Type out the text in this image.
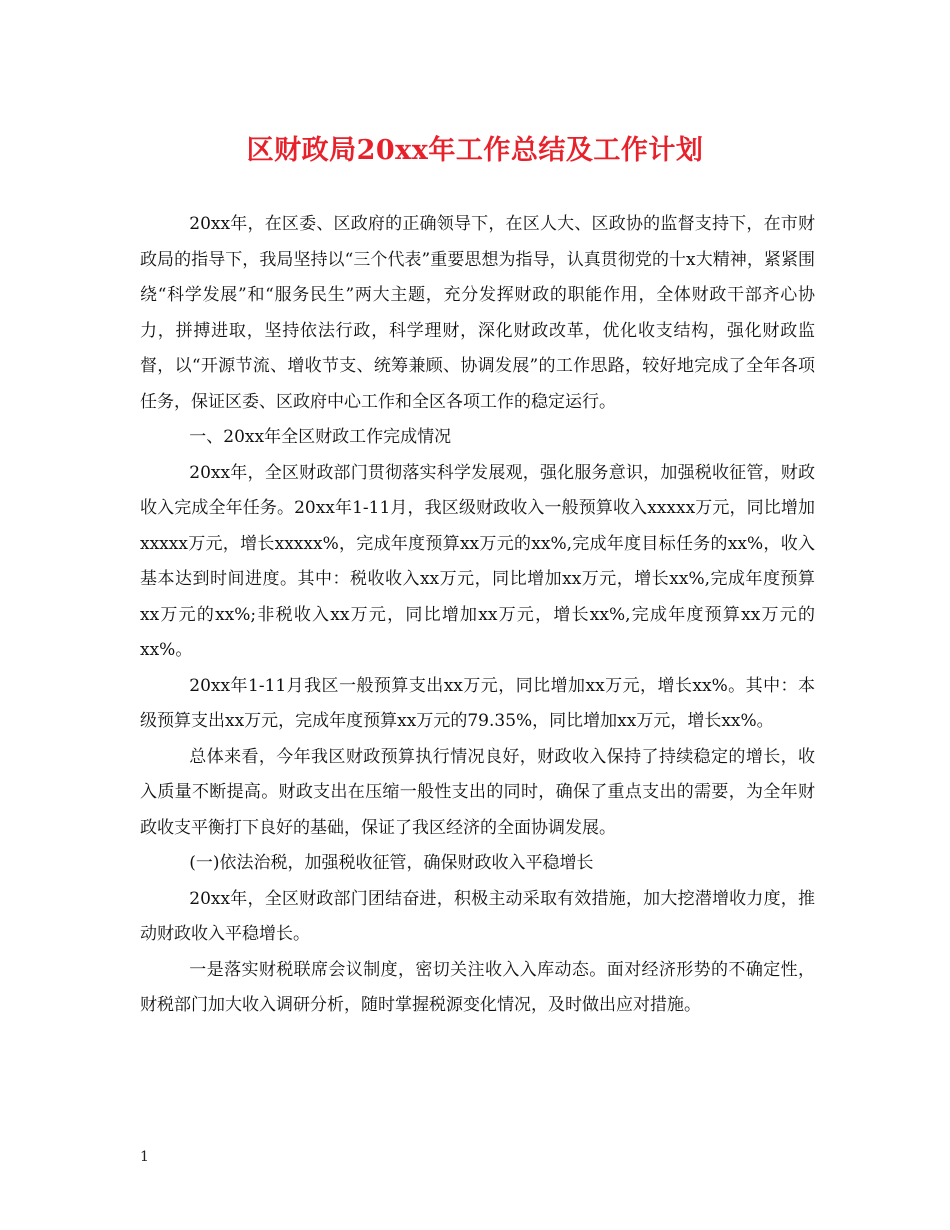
区财政局20xx年工作总结及工作计划

20xx年，在区委、区政府的正确领导下，在区人大、区政协的监督支持下，在市财政局的指导下，我局坚持以“三个代表”重要思想为指导，认真贯彻党的十x大精神，紧紧围绕“科学发展”和“服务民生”两大主题，充分发挥财政的职能作用，全体财政干部齐心协力，拼搏进取，坚持依法行政，科学理财，深化财政改革，优化收支结构，强化财政监督，以“开源节流、增收节支、统筹兼顾、协调发展”的工作思路，较好地完成了全年各项任务，保证区委、区政府中心工作和全区各项工作的稳定运行。

一、20xx年全区财政工作完成情况

20xx年，全区财政部门贯彻落实科学发展观，强化服务意识，加强税收征管，财政收入完成全年任务。20xx年1-11月，我区级财政收入一般预算收入xxxxx万元，同比增加xxxxx万元，增长xxxxx%，完成年度预算xx万元的xx%,完成年度目标任务的xx%，收入基本达到时间进度。其中：税收收入xx万元，同比增加xx万元，增长xx%,完成年度预算xx万元的xx%;非税收入xx万元，同比增加xx万元，增长xx%,完成年度预算xx万元的xx%。

20xx年1-11月我区一般预算支出xx万元，同比增加xx万元，增长xx%。其中：本级预算支出xx万元，完成年度预算xx万元的79.35%，同比增加xx万元，增长xx%。

总体来看，今年我区财政预算执行情况良好，财政收入保持了持续稳定的增长，收入质量不断提高。财政支出在压缩一般性支出的同时，确保了重点支出的需要，为全年财政收支平衡打下良好的基础，保证了我区经济的全面协调发展。

(一)依法治税，加强税收征管，确保财政收入平稳增长

20xx年，全区财政部门团结奋进，积极主动采取有效措施，加大挖潜增收力度，推动财政收入平稳增长。

一是落实财税联席会议制度，密切关注收入入库动态。面对经济形势的不确定性，财税部门加大收入调研分析，随时掌握税源变化情况，及时做出应对措施。

1
